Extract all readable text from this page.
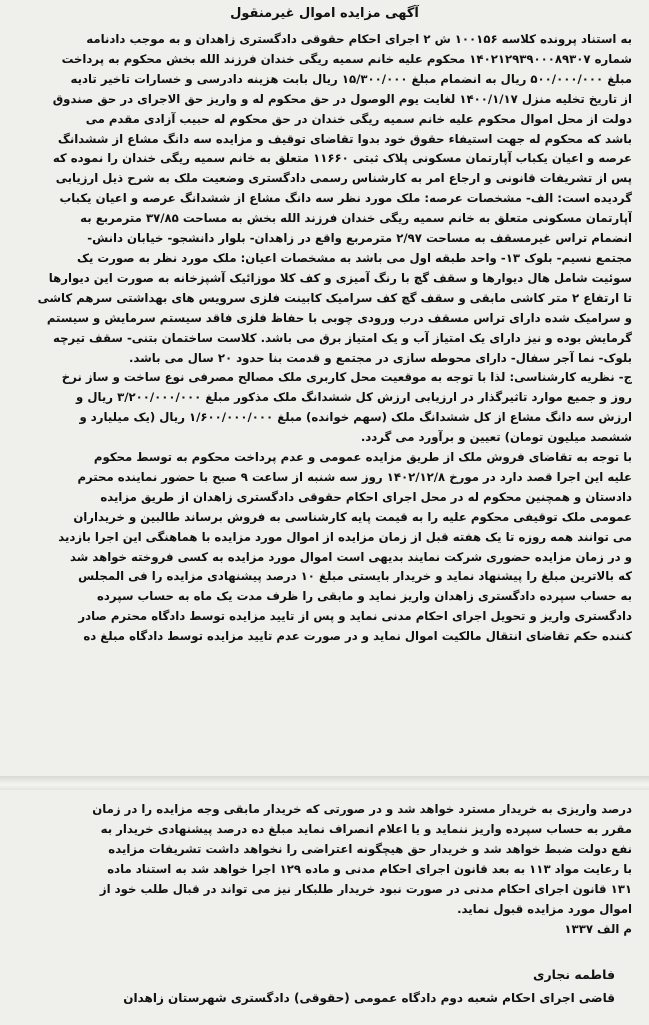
آگهی مزایده اموال غیرمنقول
به استناد پرونده کلاسه ۱۰۰۱۵۶ ش ۲ اجرای احکام حقوقی دادگستری زاهدان و به موجب دادنامه
شماره ۱۴۰۲۱۲۹۳۹۰۰۰۸۹۳۰۷ محکوم علیه خانم سمیه ریگی خندان فرزند الله بخش محکوم به پرداخت
مبلغ ۵۰۰/۰۰۰/۰۰۰ ریال به انضمام مبلغ ۱۵/۳۰۰/۰۰۰ ریال بابت هزینه دادرسی و خسارات تاخیر تادیه
از تاریخ تخلیه منزل ۱۴۰۰/۱/۱۷ لغایت یوم الوصول در حق محکوم له و واریز حق الاجرای در حق صندوق
دولت از محل اموال محکوم علیه خانم سمیه ریگی خندان در حق محکوم له حبیب آزادی مقدم می
باشد که محکوم له جهت استیفاء حقوق خود بدوا تقاضای توقیف و مزایده سه دانگ مشاع از ششدانگ
عرصه و اعیان یکباب آپارتمان مسکونی پلاک ثبتی ۱۱۶۶۰ متعلق به خانم سمیه ریگی خندان را نموده که
پس از تشریفات قانونی و ارجاع امر به کارشناس رسمی دادگستری وضعیت ملک به شرح ذیل ارزیابی
گردیده است: الف- مشخصات عرصه: ملک مورد نظر سه دانگ مشاع از ششدانگ عرصه و اعیان یکباب
آپارتمان مسکونی متعلق به خانم سمیه ریگی خندان فرزند الله بخش به مساحت ۳۷/۸۵ مترمربع به
انضمام تراس غیرمسقف به مساحت ۲/۹۷ مترمربع واقع در زاهدان- بلوار دانشجو- خیابان دانش-
مجتمع نسیم- بلوک ۱۳- واحد طبقه اول می باشد به مشخصات اعیان: ملک مورد نظر به صورت یک
سوئیت شامل هال دیوارها و سقف گچ با رنگ آمیزی و کف کلا موزائیک آشپزخانه به صورت این دیوارها
تا ارتفاع ۲ متر کاشی مابقی و سقف گچ کف سرامیک کابینت فلزی سرویس های بهداشتی سرهم کاشی
و سرامیک شده دارای تراس مسقف درب ورودی چوبی با حفاظ فلزی فاقد سیستم سرمایش و سیستم
گرمایش بوده و نیز دارای یک امتیاز آب و یک امتیاز برق می باشد. کلاست ساختمان بتنی- سقف تیرچه
بلوک- نما آجر سفال- دارای محوطه سازی در مجتمع و قدمت بنا حدود ۲۰ سال می باشد.
ج- نظریه کارشناسی: لذا با توجه به موقعیت محل کاربری ملک مصالح مصرفی نوع ساخت و ساز نرخ
روز و جمیع موارد تاثیرگذار در ارزیابی ارزش کل ششدانگ ملک مذکور مبلغ ۳/۲۰۰/۰۰۰/۰۰۰ ریال و
ارزش سه دانگ مشاع از کل ششدانگ ملک (سهم خوانده) مبلغ ۱/۶۰۰/۰۰۰/۰۰۰ ریال (یک میلیارد و
ششصد میلیون تومان) تعیین و برآورد می گردد.
با توجه به تقاضای فروش ملک از طریق مزایده عمومی و عدم پرداخت محکوم به توسط محکوم
علیه این اجرا قصد دارد در مورخ ۱۴۰۲/۱۲/۸ روز سه شنبه از ساعت ۹ صبح با حضور نماینده محترم
دادستان و همچنین محکوم له در محل اجرای احکام حقوقی دادگستری زاهدان از طریق مزایده
عمومی ملک توقیفی محکوم علیه را به قیمت پایه کارشناسی به فروش برساند طالبین و خریداران
می توانند همه روزه تا یک هفته قبل از زمان مزایده از اموال مورد مزایده با هماهنگی این اجرا بازدید
و در زمان مزایده حضوری شرکت نمایند بدیهی است اموال مورد مزایده به کسی فروخته خواهد شد
که بالاترین مبلغ را پیشنهاد نماید و خریدار بایستی مبلغ ۱۰ درصد پیشنهادی مزایده را فی المجلس
به حساب سپرده دادگستری زاهدان واریز نماید و مابقی را ظرف مدت یک ماه به حساب سپرده
دادگستری واریز و تحویل اجرای احکام مدنی نماید و پس از تایید مزایده توسط دادگاه محترم صادر
کننده حکم تقاضای انتقال مالکیت اموال نماید و در صورت عدم تایید مزایده توسط دادگاه مبلغ ده
درصد واریزی به خریدار مسترد خواهد شد و در صورتی که خریدار مابقی وجه مزایده را در زمان
مقرر به حساب سپرده واریز ننماید و یا اعلام انصراف نماید مبلغ ده درصد پیشنهادی خریدار به
نفع دولت ضبط خواهد شد و خریدار حق هیچگونه اعتراضی را نخواهد داشت تشریفات مزایده
با رعایت مواد ۱۱۳ به بعد قانون اجرای احکام مدنی و ماده ۱۲۹ اجرا خواهد شد به استناد ماده
۱۳۱ قانون اجرای احکام مدنی در صورت نبود خریدار طلبکار نیز می تواند در قبال طلب خود از
اموال مورد مزایده قبول نماید.
م الف ۱۳۳۷
فاطمه نجاری
قاضی اجرای احکام شعبه دوم دادگاه عمومی (حقوقی) دادگستری شهرستان زاهدان
